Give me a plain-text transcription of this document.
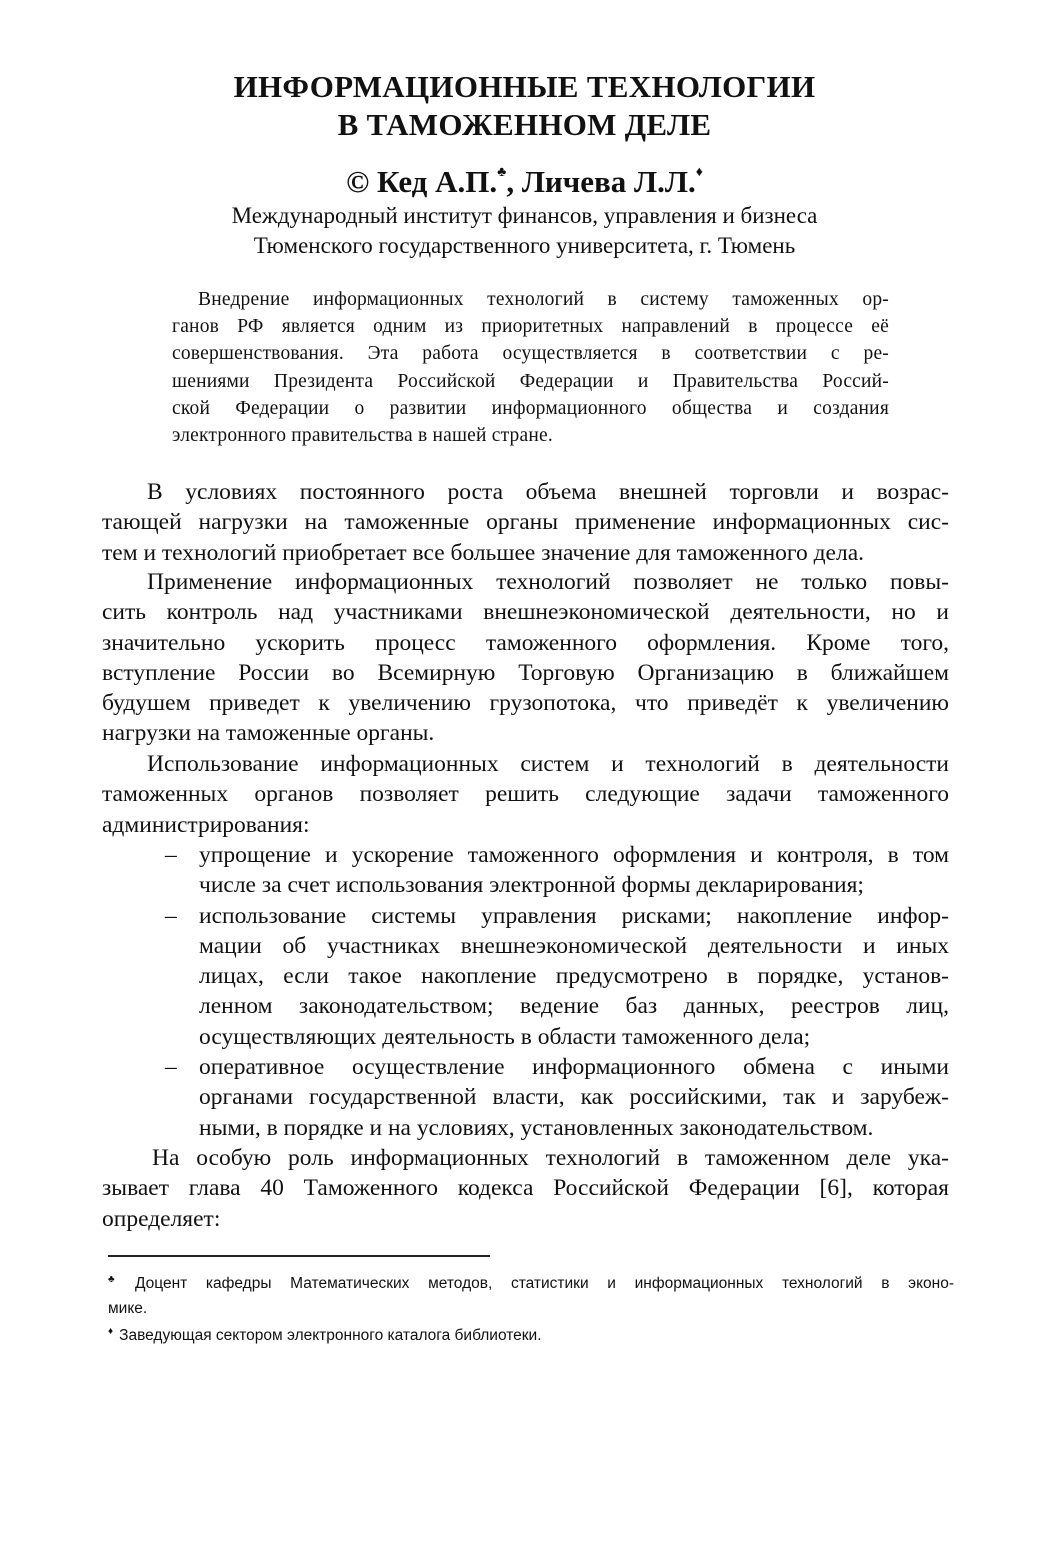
ИНФОРМАЦИОННЫЕ ТЕХНОЛОГИИ
В ТАМОЖЕННОМ ДЕЛЕ
© Кед А.П.♣, Личева Л.Л.♦
Международный институт финансов, управления и бизнеса
Тюменского государственного университета, г. Тюмень
Внедрение информационных технологий в систему таможенных ор-
ганов РФ является одним из приоритетных направлений в процессе её
совершенствования. Эта работа осуществляется в соответствии с ре-
шениями Президента Российской Федерации и Правительства Россий-
ской Федерации о развитии информационного общества и создания
электронного правительства в нашей стране.
В условиях постоянного роста объема внешней торговли и возрас-
тающей нагрузки на таможенные органы применение информационных сис-
тем и технологий приобретает все большее значение для таможенного дела.
Применение информационных технологий позволяет не только повы-
сить контроль над участниками внешнеэкономической деятельности, но и
значительно ускорить процесс таможенного оформления. Кроме того,
вступление России во Всемирную Торговую Организацию в ближайшем
будушем приведет к увеличению грузопотока, что приведёт к увеличению
нагрузки на таможенные органы.
Использование информационных систем и технологий в деятельности
таможенных органов позволяет решить следующие задачи таможенного
администрирования:
– упрощение и ускорение таможенного оформления и контроля, в том
числе за счет использования электронной формы декларирования;
– использование системы управления рисками; накопление инфор-
мации об участниках внешнеэкономической деятельности и иных
лицах, если такое накопление предусмотрено в порядке, установ-
ленном законодательством; ведение баз данных, реестров лиц,
осуществляющих деятельность в области таможенного дела;
– оперативное осуществление информационного обмена с иными
органами государственной власти, как российскими, так и зарубеж-
ными, в порядке и на условиях, установленных законодательством.
На особую роль информационных технологий в таможенном деле ука-
зывает глава 40 Таможенного кодекса Российской Федерации [6], которая
определяет:
♣ Доцент кафедры Математических методов, статистики и информационных технологий в эконо-
мике.
♦ Заведующая сектором электронного каталога библиотеки.
